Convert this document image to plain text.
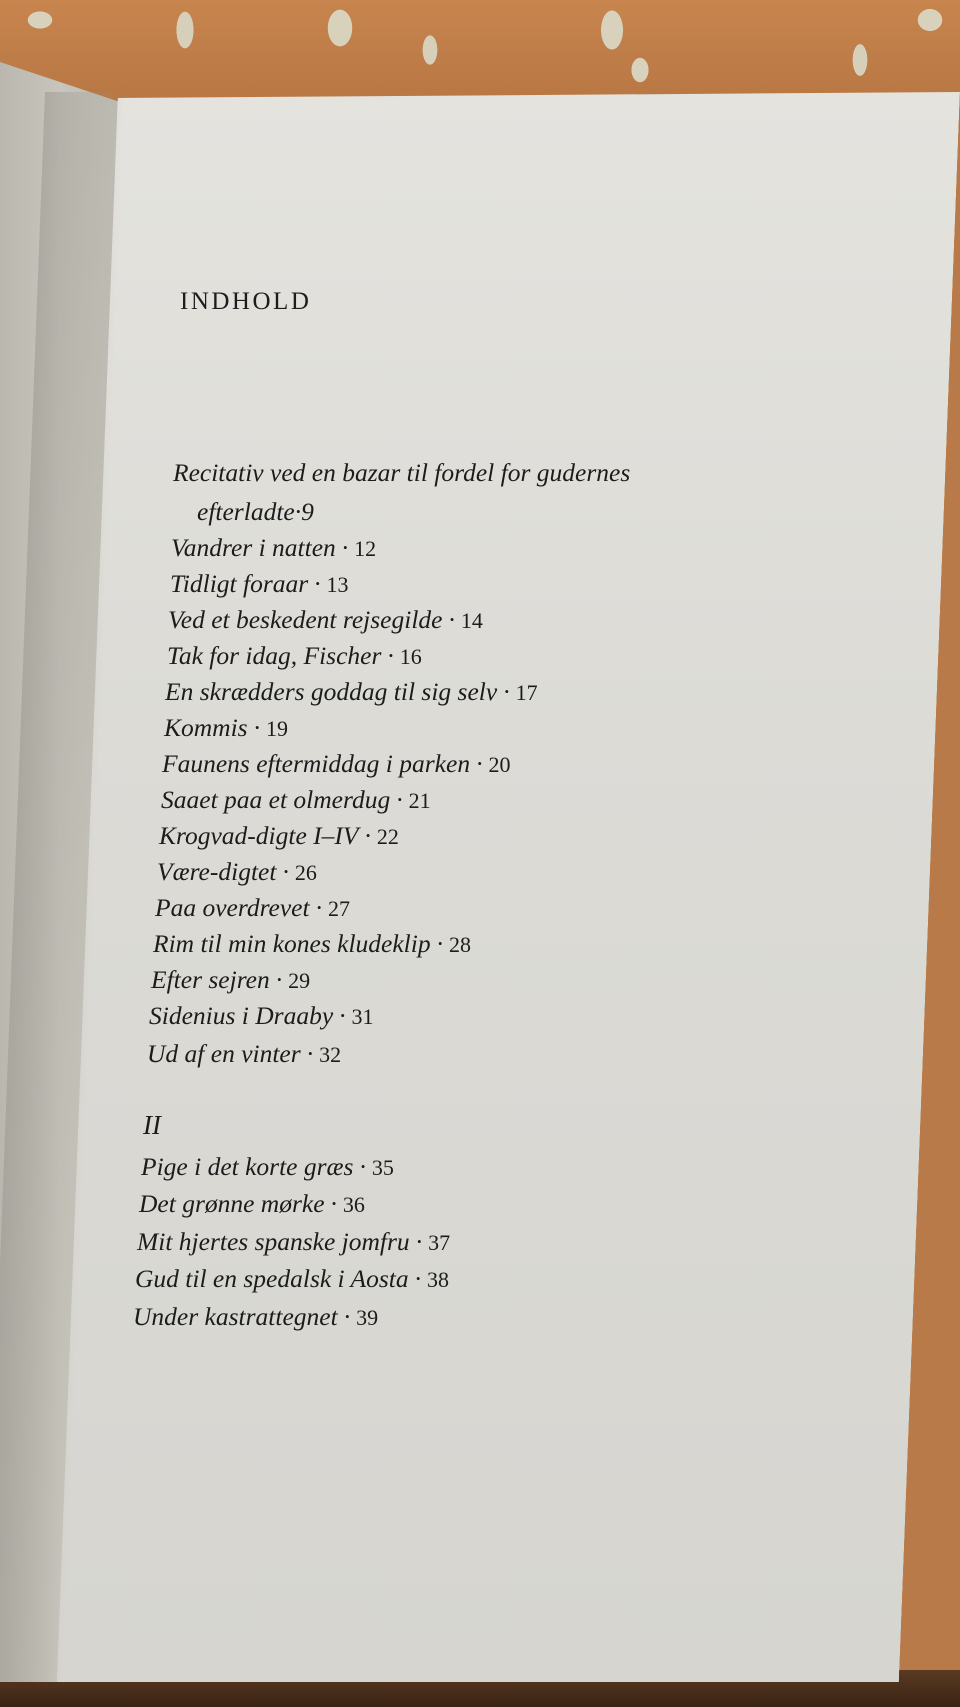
INDHOLD
Recitativ ved en bazar til fordel for gudernes
efterladte·9
Vandrer i natten · 12
Tidligt foraar · 13
Ved et beskedent rejsegilde · 14
Tak for idag, Fischer · 16
En skrædders goddag til sig selv · 17
Kommis · 19
Faunens eftermiddag i parken · 20
Saaet paa et olmerdug · 21
Krogvad-digte I–IV · 22
Være-digtet · 26
Paa overdrevet · 27
Rim til min kones kludeklip · 28
Efter sejren · 29
Sidenius i Draaby · 31
Ud af en vinter · 32
II
Pige i det korte græs · 35
Det grønne mørke · 36
Mit hjertes spanske jomfru · 37
Gud til en spedalsk i Aosta · 38
Under kastrattegnet · 39
